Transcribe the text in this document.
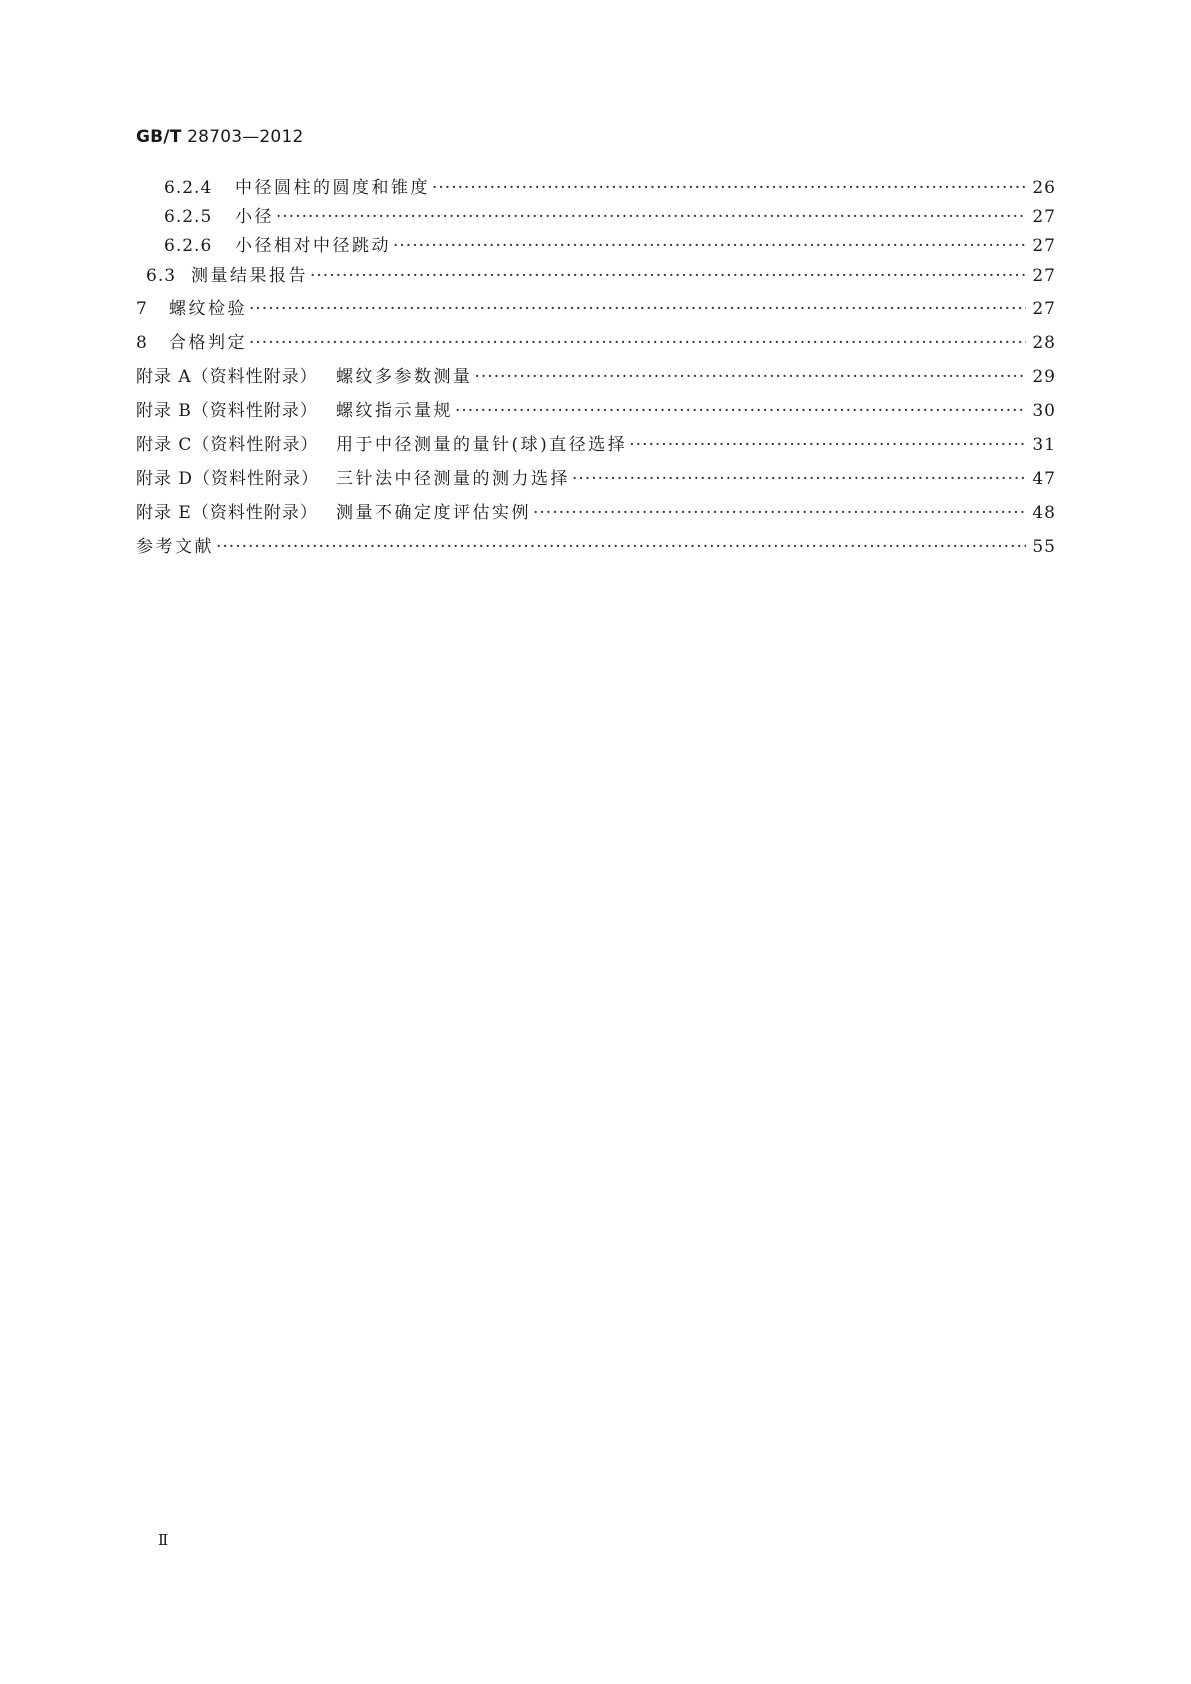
GB/T 28703—2012
6.2.4	中径圆柱的圆度和锥度 ·····	26
6.2.5	小径 ·····	27
6.2.6	小径相对中径跳动 ·····	27
6.3 测量结果报告 ·····	27
7	螺纹检验 ·····	27
8	合格判定 ·····	28
附录 A（资料性附录）	螺纹多参数测量 ·····	29
附录 B（资料性附录）	螺纹指示量规 ·····	30
附录 C（资料性附录）	用于中径测量的量针(球)直径选择 ·····	31
附录 D（资料性附录） 三针法中径测量的测力选择 ·····	47
附录 E（资料性附录）	测量不确定度评估实例 ·····	48
参考文献 ·····	55
Ⅱ
